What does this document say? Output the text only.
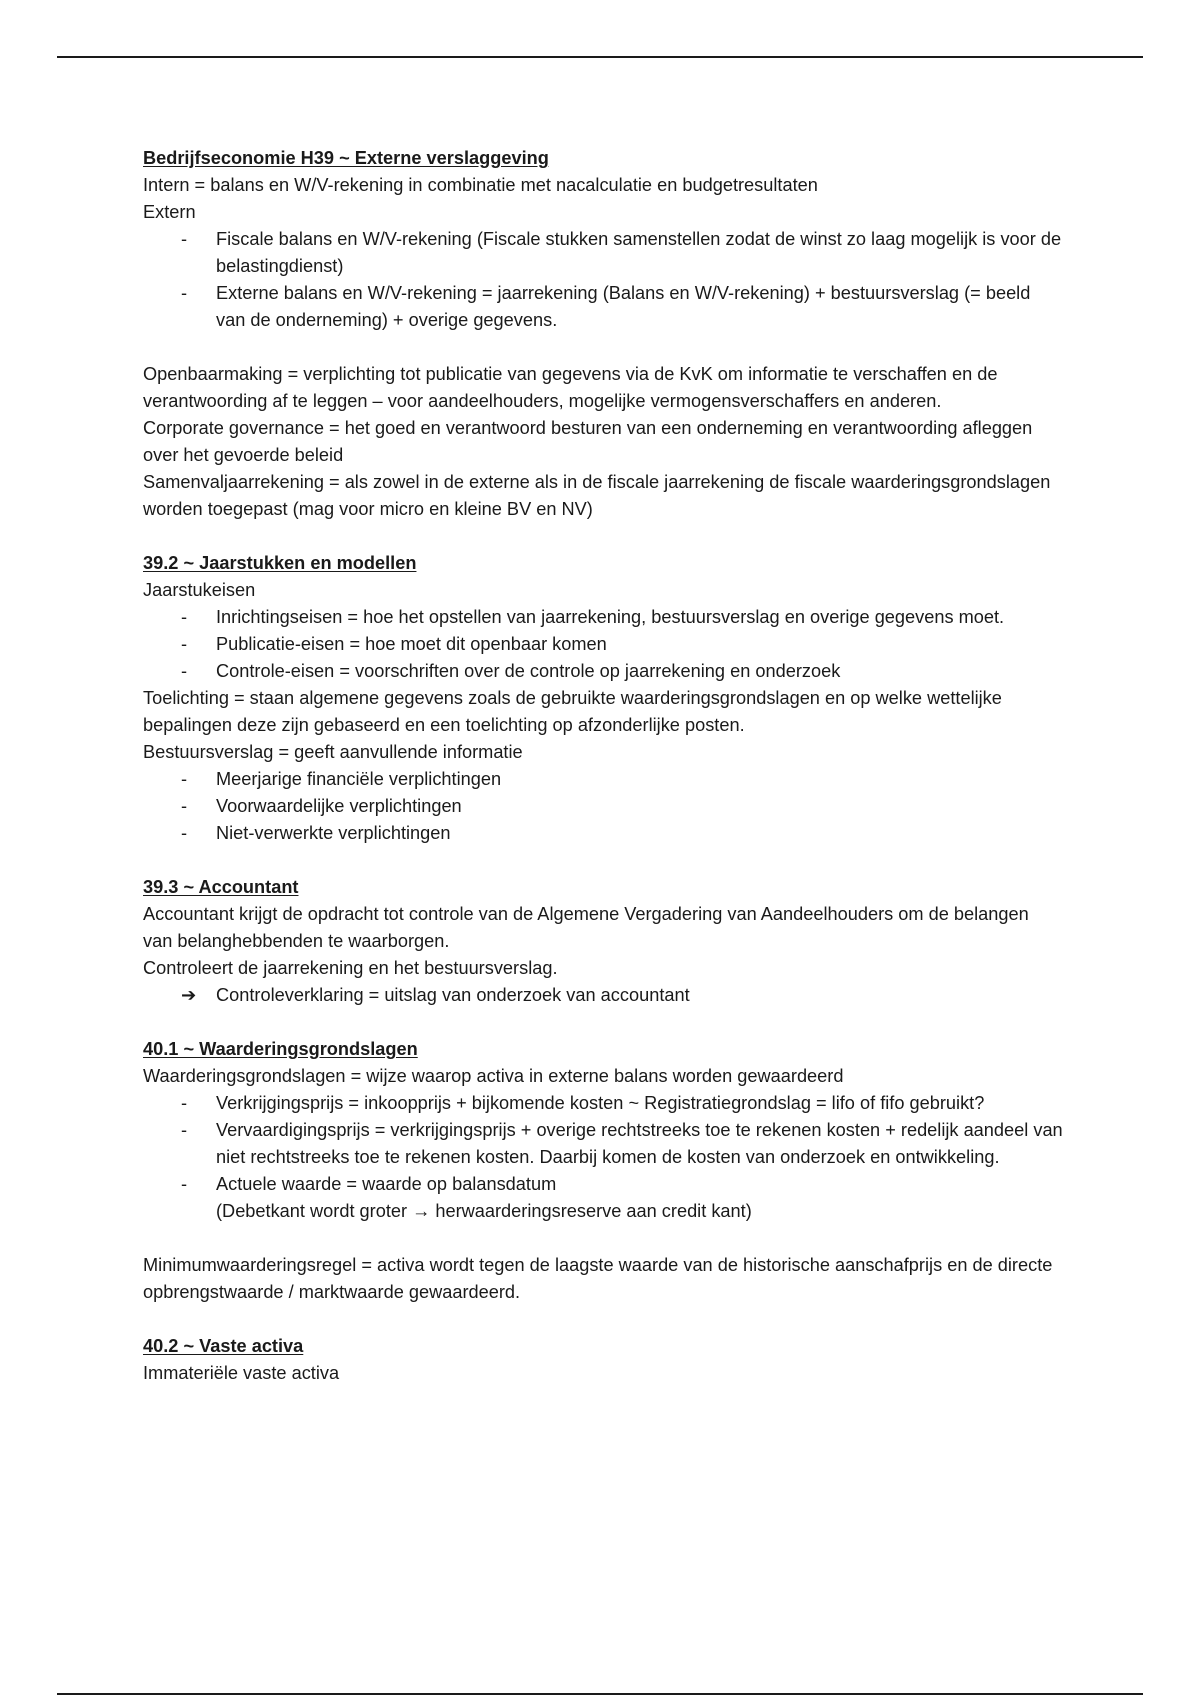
Bedrijfseconomie H39 ~ Externe verslaggeving

Intern = balans en W/V-rekening in combinatie met nacalculatie en budgetresultaten

Extern

- Fiscale balans en W/V-rekening (Fiscale stukken samenstellen zodat de winst zo laag mogelijk is voor de belastingdienst)
- Externe balans en W/V-rekening = jaarrekening (Balans en W/V-rekening) + bestuursverslag (= beeld van de onderneming) + overige gegevens.

Openbaarmaking = verplichting tot publicatie van gegevens via de KvK om informatie te verschaffen en de verantwoording af te leggen – voor aandeelhouders, mogelijke vermogensverschaffers en anderen.

Corporate governance = het goed en verantwoord besturen van een onderneming en verantwoording afleggen over het gevoerde beleid

Samenvaljaarrekening = als zowel in de externe als in de fiscale jaarrekening de fiscale waarderingsgrondslagen worden toegepast (mag voor micro en kleine BV en NV)

39.2 ~ Jaarstukken en modellen

Jaarstukeisen

- Inrichtingseisen = hoe het opstellen van jaarrekening, bestuursverslag en overige gegevens moet.
- Publicatie-eisen = hoe moet dit openbaar komen
- Controle-eisen = voorschriften over de controle op jaarrekening en onderzoek

Toelichting = staan algemene gegevens zoals de gebruikte waarderingsgrondslagen en op welke wettelijke bepalingen deze zijn gebaseerd en een toelichting op afzonderlijke posten.

Bestuursverslag = geeft aanvullende informatie

- Meerjarige financiële verplichtingen
- Voorwaardelijke verplichtingen
- Niet-verwerkte verplichtingen

39.3 ~ Accountant

Accountant krijgt de opdracht tot controle van de Algemene Vergadering van Aandeelhouders om de belangen van belanghebbenden te waarborgen.

Controleert de jaarrekening en het bestuursverslag.

➔ Controleverklaring = uitslag van onderzoek van accountant

40.1 ~ Waarderingsgrondslagen

Waarderingsgrondslagen = wijze waarop activa in externe balans worden gewaardeerd

- Verkrijgingsprijs = inkoopprijs + bijkomende kosten ~ Registratiegrondslag = lifo of fifo gebruikt?
- Vervaardigingsprijs = verkrijgingsprijs + overige rechtstreeks toe te rekenen kosten + redelijk aandeel van niet rechtstreeks toe te rekenen kosten. Daarbij komen de kosten van onderzoek en ontwikkeling.
- Actuele waarde = waarde op balansdatum
(Debetkant wordt groter → herwaarderingsreserve aan credit kant)

Minimumwaarderingsregel = activa wordt tegen de laagste waarde van de historische aanschafprijs en de directe opbrengstwaarde / marktwaarde gewaardeerd.

40.2 ~ Vaste activa

Immateriële vaste activa
